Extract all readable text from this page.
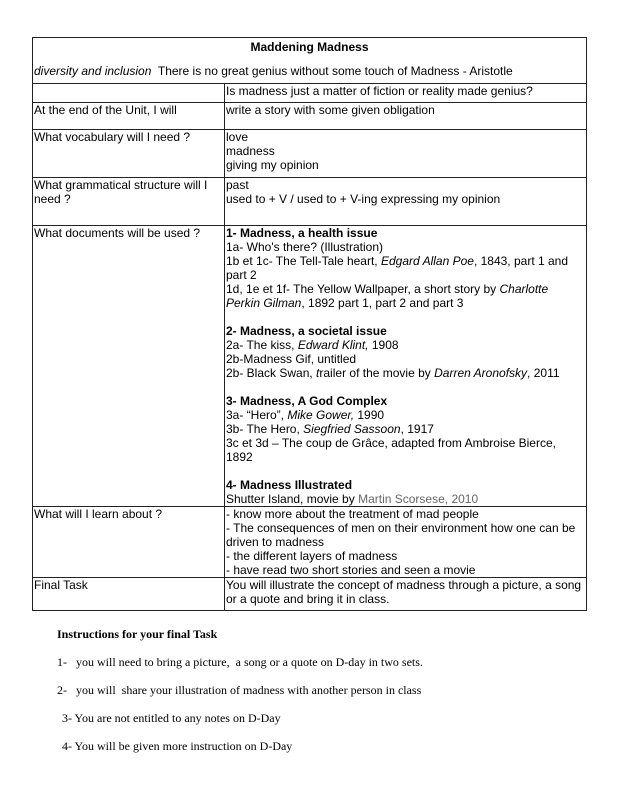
Maddening Madness	
diversity and inclusion  There is no great genius without some touch of Madness - Aristotle	
	Is madness just a matter of fiction or reality made genius?
At the end of the Unit, I will	write a story with some given obligation
What vocabulary will I need ?	love
madness
giving my opinion

What grammatical structure will I need ?	past
used to + V / used to + V-ing expressing my opinion

What documents will be used ?	1- Madness, a health issue
1a- Who's there? (Illustration)
1b et 1c- The Tell-Tale heart, Edgard Allan Poe, 1843, part 1 and part 2
1d, 1e et 1f- The Yellow Wallpaper, a short story by Charlotte Perkin Gilman, 1892 part 1, part 2 and part 3
2- Madness, a societal issue
2a- The kiss, Edward Klint, 1908
2b-Madness Gif, untitled
2b- Black Swan, trailer of the movie by Darren Aronofsky, 2011
3- Madness, A God Complex
3a- “Hero”, Mike Gower, 1990
3b- The Hero, Siegfried Sassoon, 1917
3c et 3d – The coup de Grâce, adapted from Ambroise Bierce, 1892
4- Madness Illustrated
Shutter Island, movie by Martin Scorsese, 2010

What will I learn about ?	- know more about the treatment of mad people
- The consequences of men on their environment how one can be driven to madness
- the different layers of madness
- have read two short stories and seen a movie

Final Task	You will illustrate the concept of madness through a picture, a song or a quote and bring it in class.
Instructions for your final Task
1-   you will need to bring a picture,  a song or a quote on D-day in two sets.
2-   you will  share your illustration of madness with another person in class
3- You are not entitled to any notes on D-Day
4- You will be given more instruction on D-Day
